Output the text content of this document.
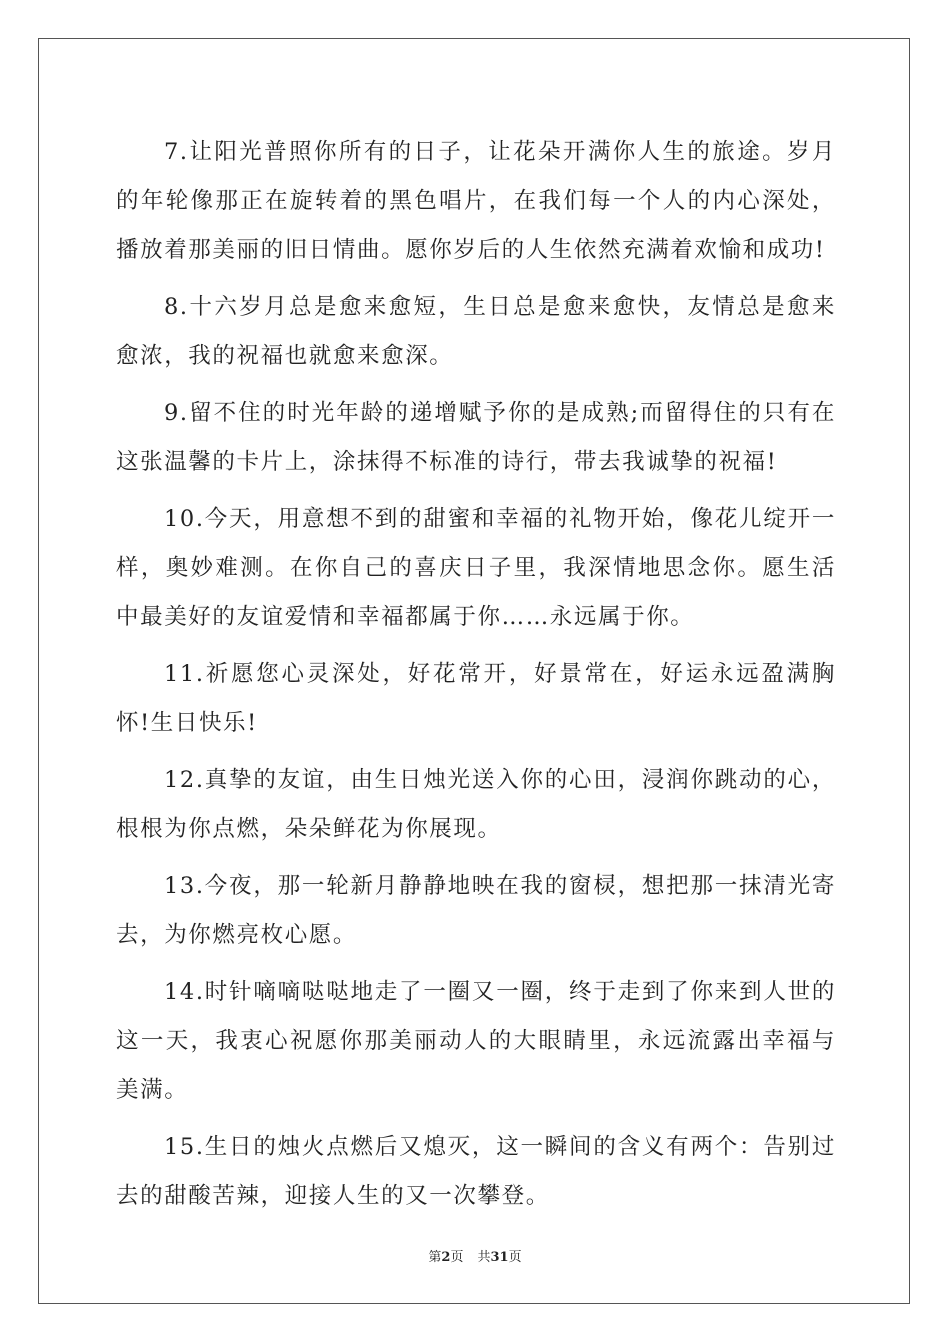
7.让阳光普照你所有的日子，让花朵开满你人生的旅途。岁月的年轮像那正在旋转着的黑色唱片，在我们每一个人的内心深处，播放着那美丽的旧日情曲。愿你岁后的人生依然充满着欢愉和成功!

8.十六岁月总是愈来愈短，生日总是愈来愈快，友情总是愈来愈浓，我的祝福也就愈来愈深。

9.留不住的时光年龄的递增赋予你的是成熟;而留得住的只有在这张温馨的卡片上，涂抹得不标准的诗行，带去我诚挚的祝福!

10.今天，用意想不到的甜蜜和幸福的礼物开始，像花儿绽开一样，奥妙难测。在你自己的喜庆日子里，我深情地思念你。愿生活中最美好的友谊爱情和幸福都属于你……永远属于你。

11.祈愿您心灵深处，好花常开，好景常在，好运永远盈满胸怀!生日快乐!

12.真挚的友谊，由生日烛光送入你的心田，浸润你跳动的心，根根为你点燃，朵朵鲜花为你展现。

13.今夜，那一轮新月静静地映在我的窗棂，想把那一抹清光寄去，为你燃亮枚心愿。

14.时针嘀嘀哒哒地走了一圈又一圈，终于走到了你来到人世的这一天，我衷心祝愿你那美丽动人的大眼睛里，永远流露出幸福与美满。

15.生日的烛火点燃后又熄灭，这一瞬间的含义有两个：告别过去的甜酸苦辣，迎接人生的又一次攀登。

第2页 共31页
